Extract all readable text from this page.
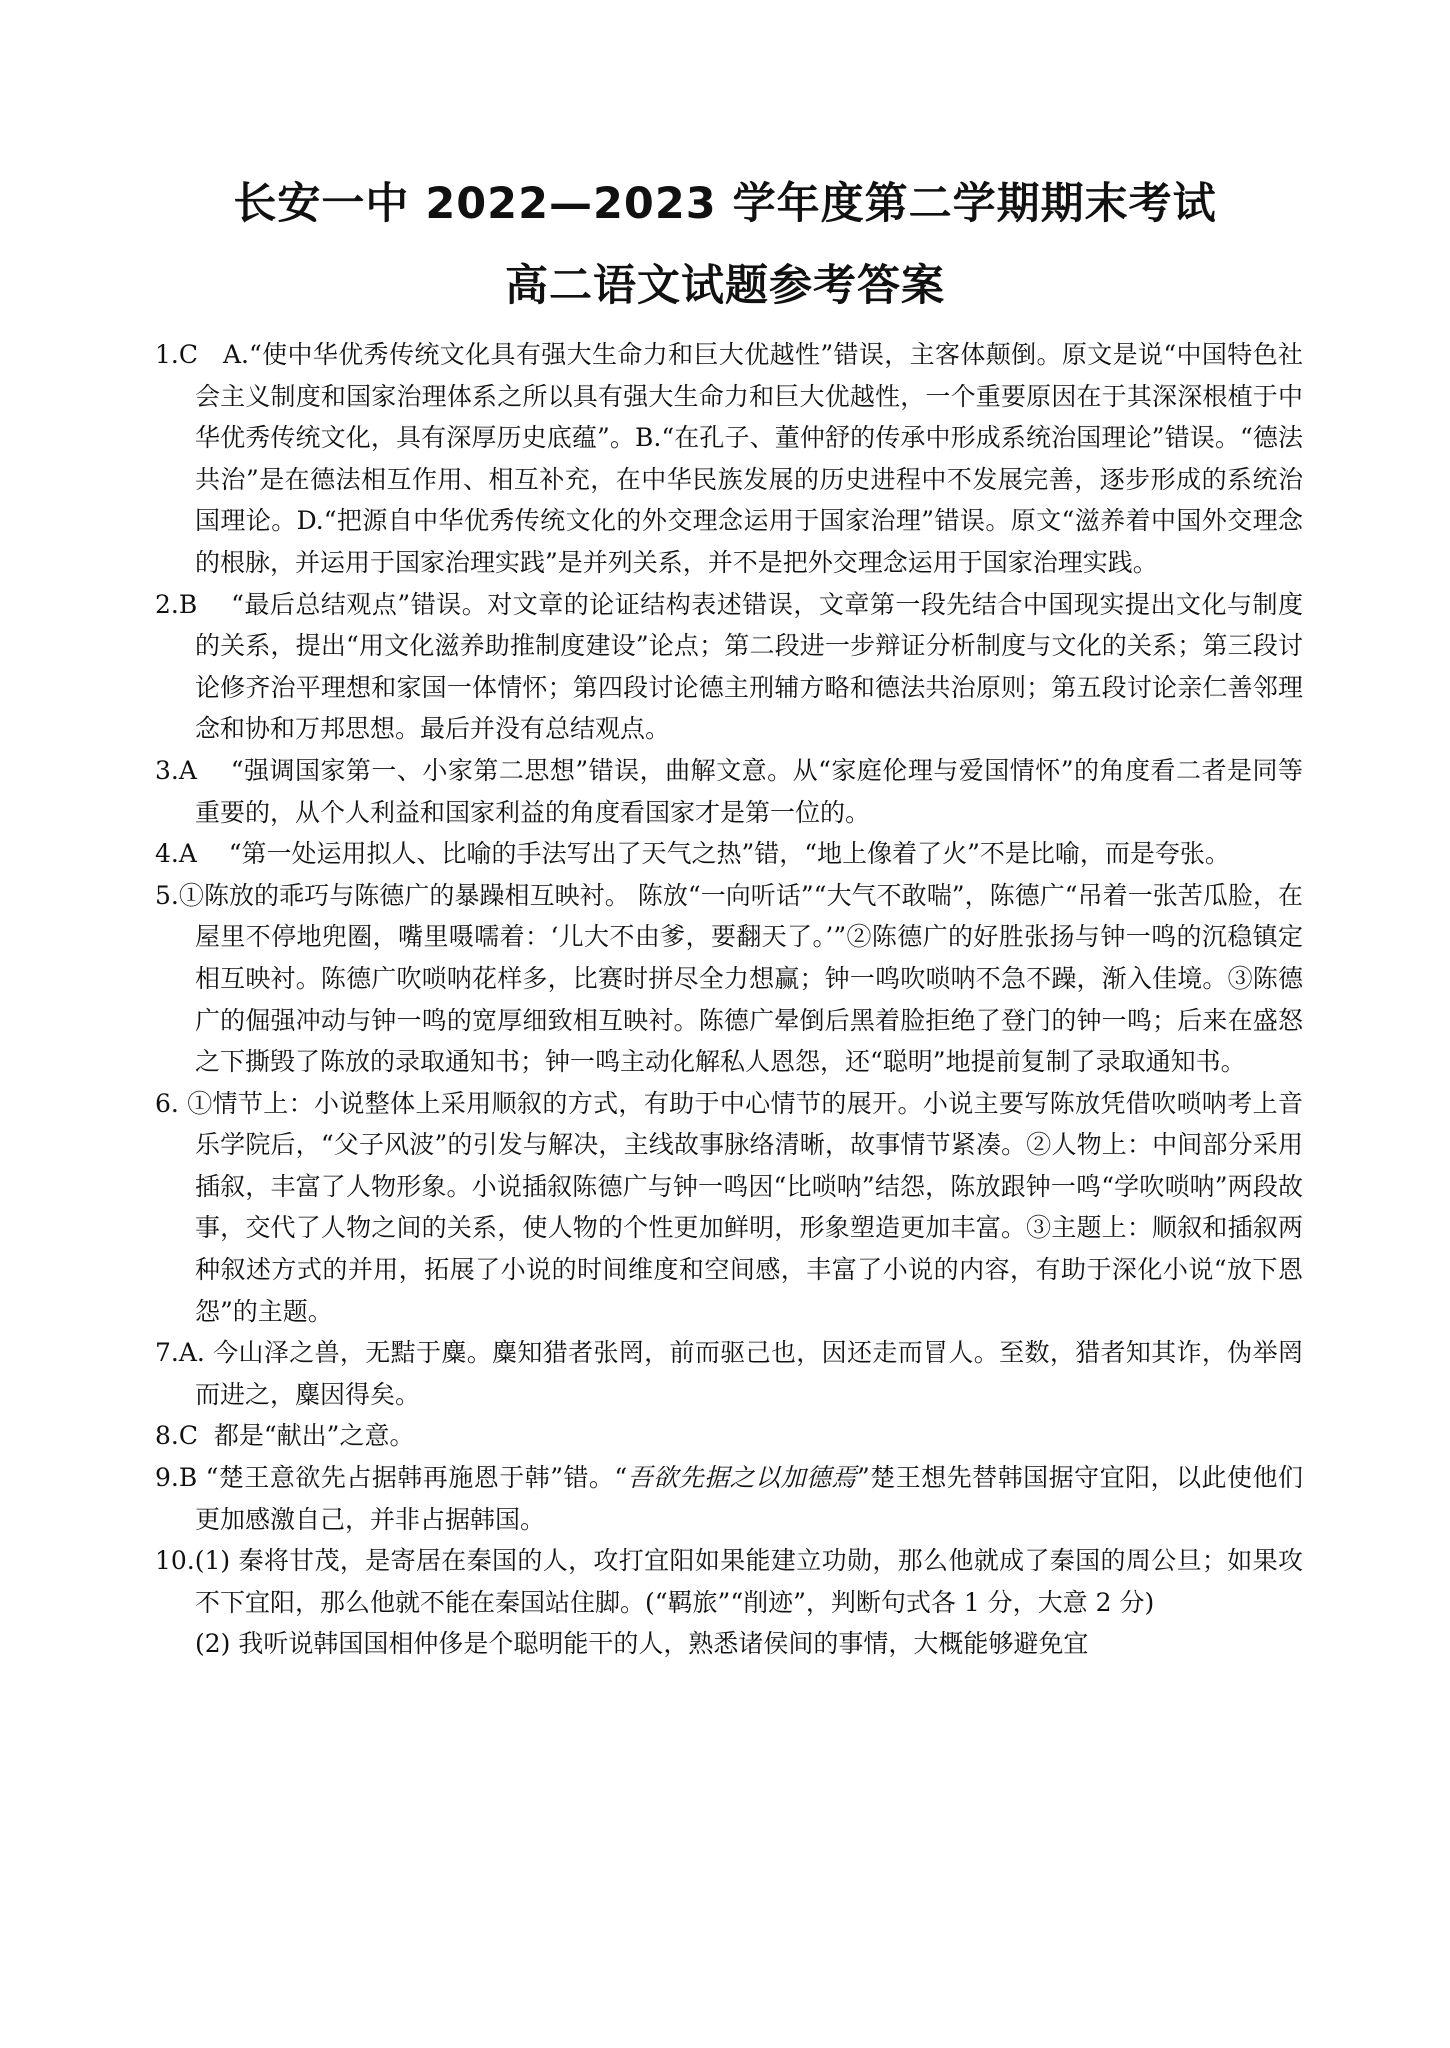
长安一中 2022—2023 学年度第二学期期末考试
高二语文试题参考答案

1.C A.“使中华优秀传统文化具有强大生命力和巨大优越性”错误，主客体颠倒。原文是说“中国特色社会主义制度和国家治理体系之所以具有强大生命力和巨大优越性，一个重要原因在于其深深根植于中华优秀传统文化，具有深厚历史底蕴”。B.“在孔子、董仲舒的传承中形成系统治国理论”错误。“德法共治”是在德法相互作用、相互补充，在中华民族发展的历史进程中不发展完善，逐步形成的系统治国理论。D.“把源自中华优秀传统文化的外交理念运用于国家治理”错误。原文“滋养着中国外交理念的根脉，并运用于国家治理实践”是并列关系，并不是把外交理念运用于国家治理实践。

2.B “最后总结观点”错误。对文章的论证结构表述错误，文章第一段先结合中国现实提出文化与制度的关系，提出“用文化滋养助推制度建设”论点；第二段进一步辩证分析制度与文化的关系；第三段讨论修齐治平理想和家国一体情怀；第四段讨论德主刑辅方略和德法共治原则；第五段讨论亲仁善邻理念和协和万邦思想。最后并没有总结观点。

3.A “强调国家第一、小家第二思想”错误，曲解文意。从“家庭伦理与爱国情怀”的角度看二者是同等重要的，从个人利益和国家利益的角度看国家才是第一位的。

4.A “第一处运用拟人、比喻的手法写出了天气之热”错，“地上像着了火”不是比喻，而是夸张。

5.①陈放的乖巧与陈德广的暴躁相互映衬。 陈放“一向听话”“大气不敢喘”，陈德广“吊着一张苦瓜脸，在屋里不停地兜圈，嘴里嗫嚅着：‘儿大不由爹，要翻天了。’”②陈德广的好胜张扬与钟一鸣的沉稳镇定相互映衬。陈德广吹唢呐花样多，比赛时拼尽全力想赢；钟一鸣吹唢呐不急不躁，渐入佳境。③陈德广的倔强冲动与钟一鸣的宽厚细致相互映衬。陈德广晕倒后黑着脸拒绝了登门的钟一鸣；后来在盛怒之下撕毁了陈放的录取通知书；钟一鸣主动化解私人恩怨，还“聪明”地提前复制了录取通知书。

6. ①情节上：小说整体上采用顺叙的方式，有助于中心情节的展开。小说主要写陈放凭借吹唢呐考上音乐学院后，“父子风波”的引发与解决，主线故事脉络清晰，故事情节紧凑。②人物上：中间部分采用插叙，丰富了人物形象。小说插叙陈德广与钟一鸣因“比唢呐”结怨，陈放跟钟一鸣“学吹唢呐”两段故事，交代了人物之间的关系，使人物的个性更加鲜明，形象塑造更加丰富。③主题上：顺叙和插叙两种叙述方式的并用，拓展了小说的时间维度和空间感，丰富了小说的内容，有助于深化小说“放下恩怨”的主题。

7.A. 今山泽之兽，无黠于麋。麋知猎者张罔，前而驱己也，因还走而冒人。至数，猎者知其诈，伪举罔而进之，麋因得矣。

8.C 都是“献出”之意。

9.B “楚王意欲先占据韩再施恩于韩”错。“吾欲先据之以加德焉”楚王想先替韩国据守宜阳，以此使他们更加感激自己，并非占据韩国。

10.(1) 秦将甘茂，是寄居在秦国的人，攻打宜阳如果能建立功勋，那么他就成了秦国的周公旦；如果攻不下宜阳，那么他就不能在秦国站住脚。(“羁旅”“削迹”，判断句式各 1 分，大意 2 分)

(2) 我听说韩国国相仲侈是个聪明能干的人，熟悉诸侯间的事情，大概能够避免宜
